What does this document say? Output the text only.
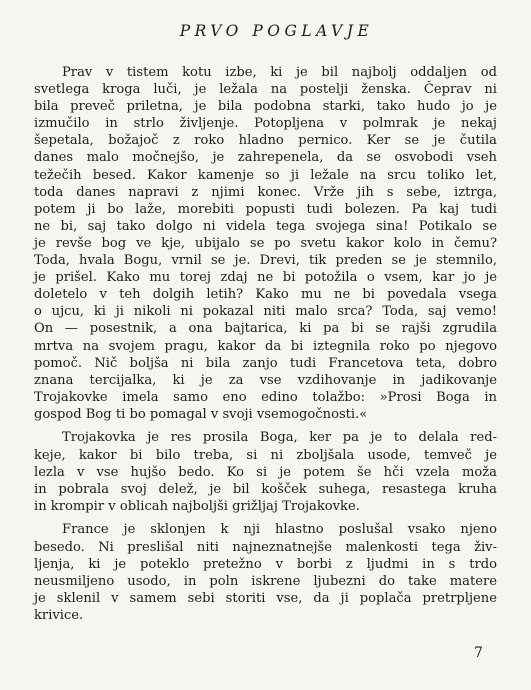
PRVO POGLAVJE
Prav v tistem kotu izbe, ki je bil najbolj oddaljen od
svetlega kroga luči, je ležala na postelji ženska. Čeprav ni
bila preveč priletna, je bila podobna starki, tako hudo jo je
izmučilo in strlo življenje. Potopljena v polmrak je nekaj
šepetala, božajoč z roko hladno pernico. Ker se je čutila
danes malo močnejšo, je zahrepenela, da se osvobodi vseh
težečih besed. Kakor kamenje so ji ležale na srcu toliko let,
toda danes napravi z njimi konec. Vrže jih s sebe, iztrga,
potem ji bo laže, morebiti popusti tudi bolezen. Pa kaj tudi
ne bi, saj tako dolgo ni videla tega svojega sina! Potikalo se
je revše bog ve kje, ubijalo se po svetu kakor kolo in čemu?
Toda, hvala Bogu, vrnil se je. Drevi, tik preden se je stemnilo,
je prišel. Kako mu torej zdaj ne bi potožila o vsem, kar jo je
doletelo v teh dolgih letih? Kako mu ne bi povedala vsega
o ujcu, ki ji nikoli ni pokazal niti malo srca? Toda, saj vemo!
On — posestnik, a ona bajtarica, ki pa bi se rajši zgrudila
mrtva na svojem pragu, kakor da bi iztegnila roko po njegovo
pomoč. Nič boljša ni bila zanjo tudi Francetova teta, dobro
znana tercijalka, ki je za vse vzdihovanje in jadikovanje
Trojakovke imela samo eno edino tolažbo: »Prosi Boga in
gospod Bog ti bo pomagal v svoji vsemogočnosti.«
Trojakovka je res prosila Boga, ker pa je to delala red-
keje, kakor bi bilo treba, si ni zboljšala usode, temveč je
lezla v vse hujšo bedo. Ko si je potem še hči vzela moža
in pobrala svoj delež, je bil košček suhega, resastega kruha
in krompir v oblicah najboljši grižljaj Trojakovke.
France je sklonjen k nji hlastno poslušal vsako njeno
besedo. Ni preslišal niti najneznatnejše malenkosti tega živ-
ljenja, ki je poteklo pretežno v borbi z ljudmi in s trdo
neusmiljeno usodo, in poln iskrene ljubezni do take matere
je sklenil v samem sebi storiti vse, da ji poplača pretrpljene
krivice.
7
